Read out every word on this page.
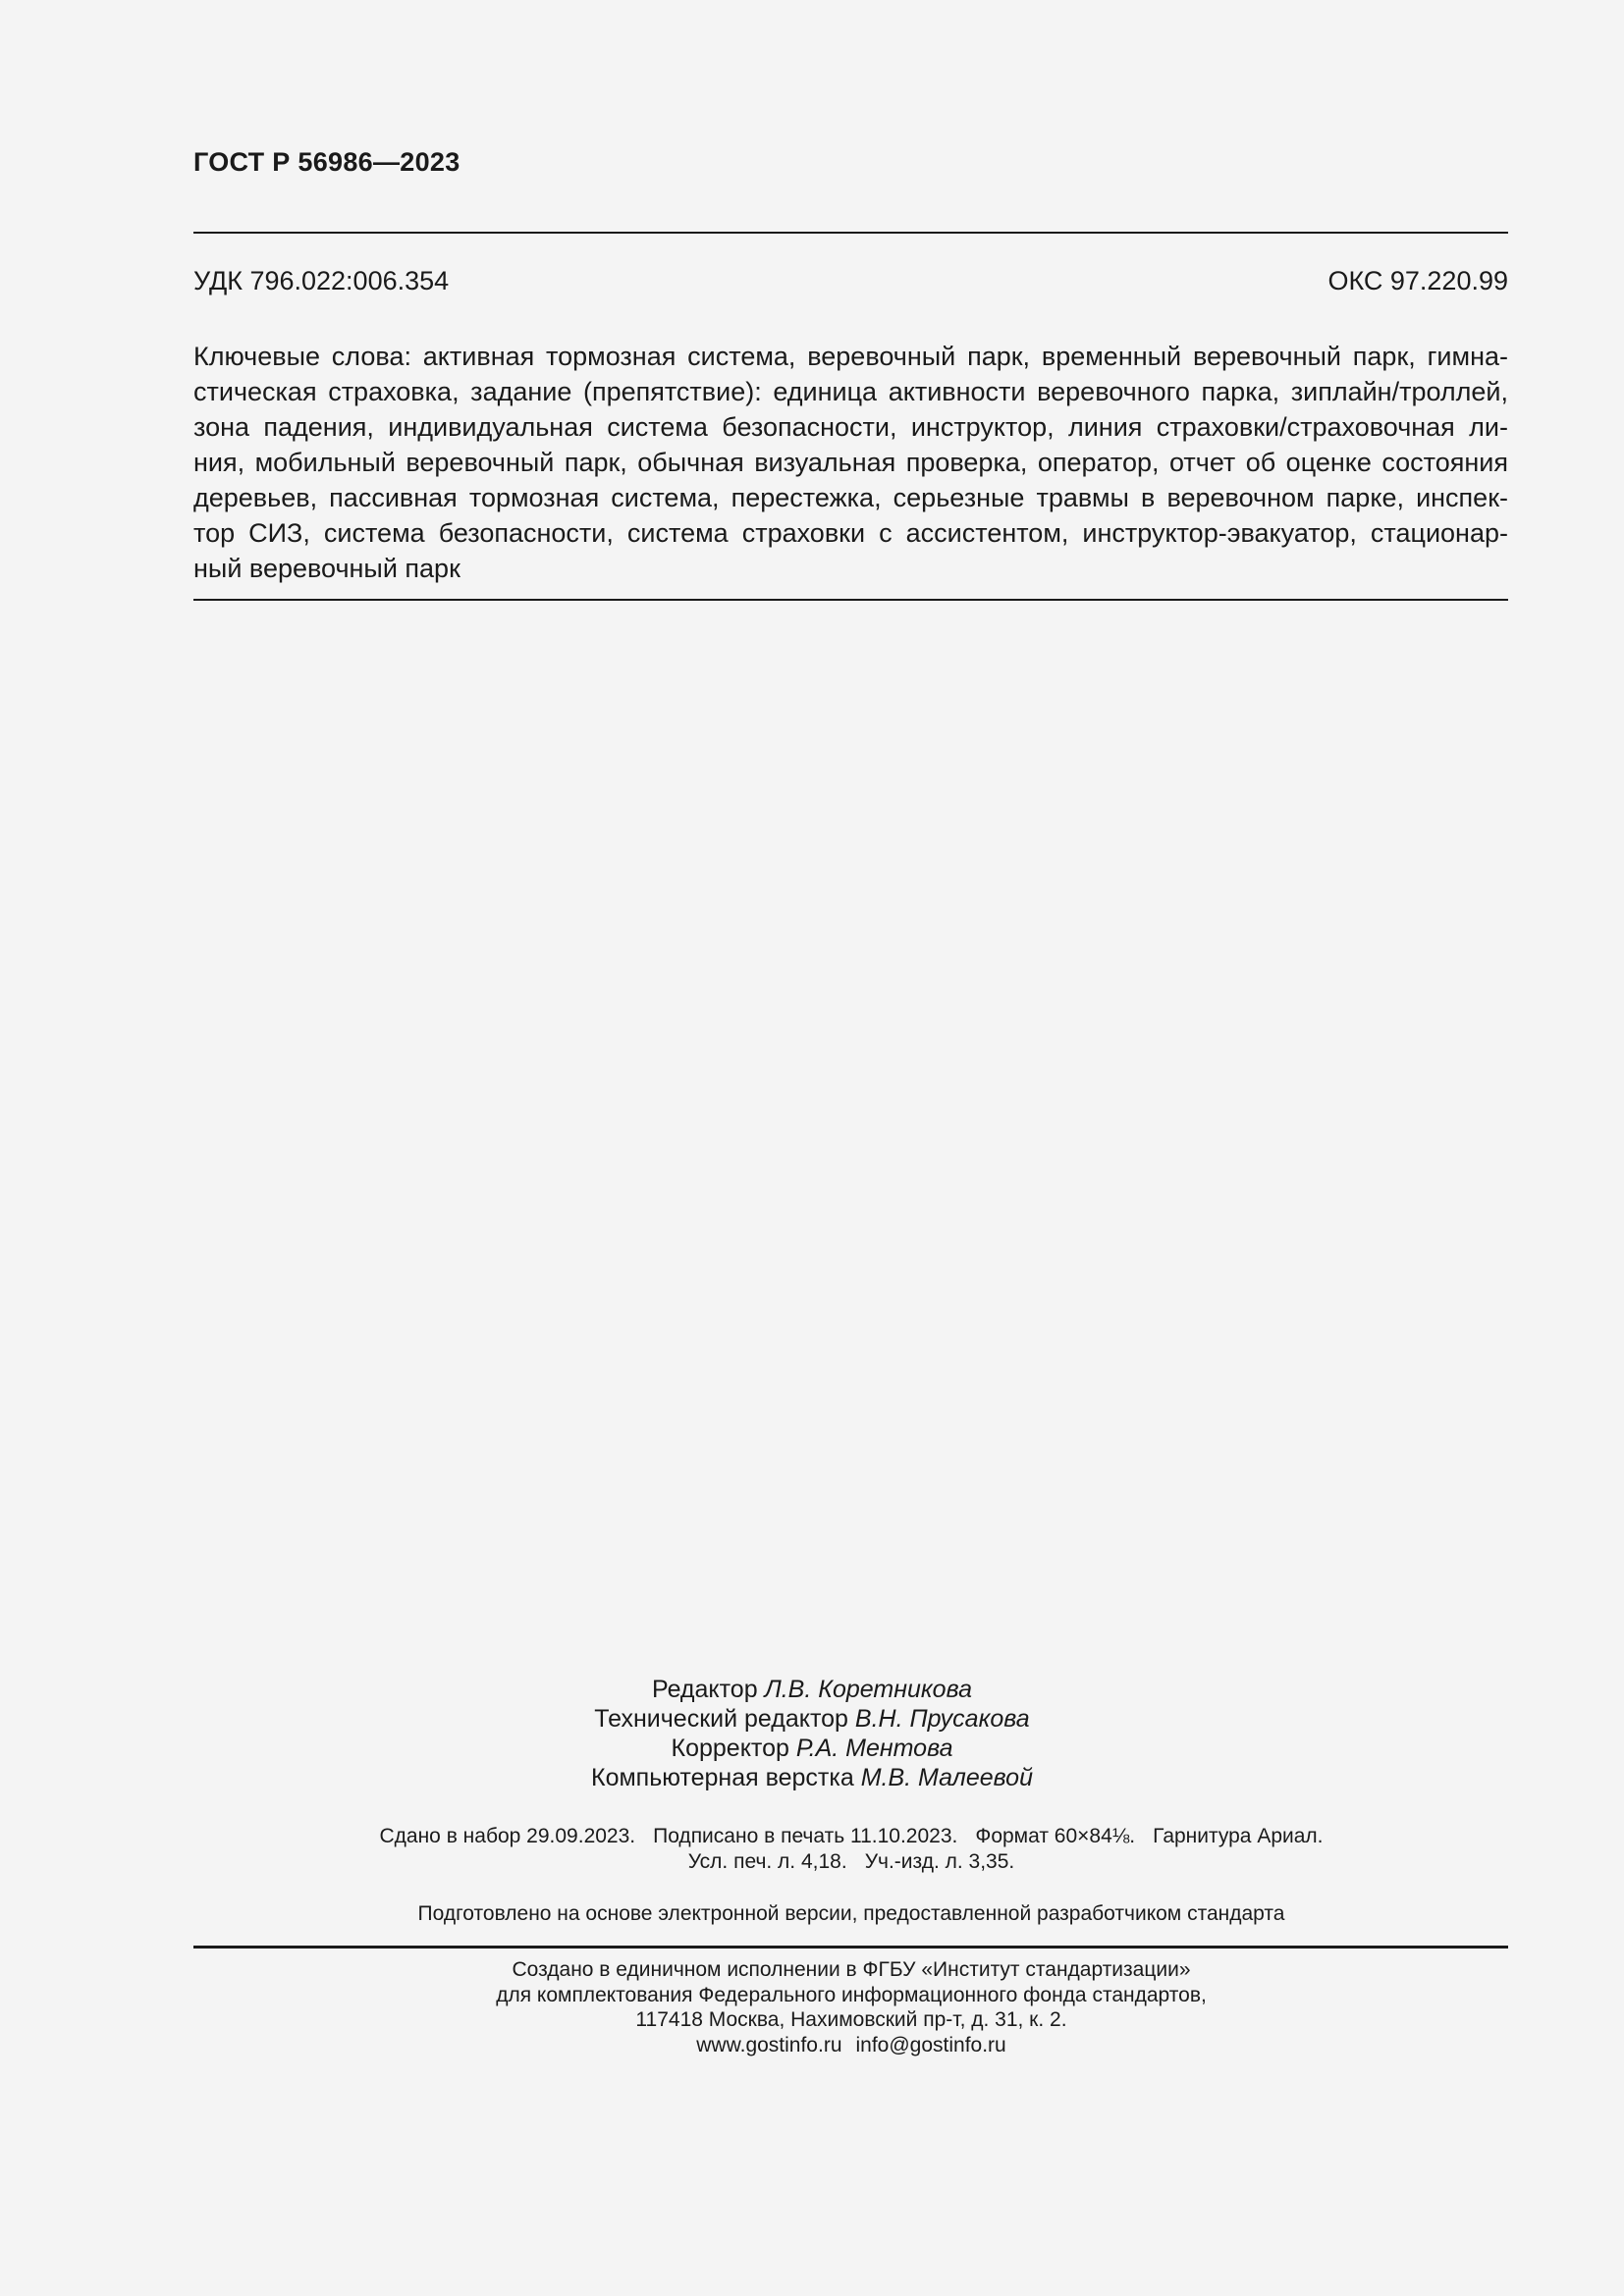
ГОСТ Р 56986—2023
УДК 796.022:006.354	ОКС 97.220.99
Ключевые слова: активная тормозная система, веревочный парк, временный веревочный парк, гимна-
стическая страховка, задание (препятствие): единица активности веревочного парка, зиплайн/троллей,
зона падения, индивидуальная система безопасности, инструктор, линия страховки/страховочная ли-
ния, мобильный веревочный парк, обычная визуальная проверка, оператор, отчет об оценке состояния
деревьев, пассивная тормозная система, перестежка, серьезные травмы в веревочном парке, инспек-
тор СИЗ, система безопасности, система страховки с ассистентом, инструктор-эвакуатор, стационар-
ный веревочный парк
Редактор Л.В. Коретникова
Технический редактор В.Н. Прусакова
Корректор Р.А. Ментова
Компьютерная верстка М.В. Малеевой
Сдано в набор 29.09.2023. Подписано в печать 11.10.2023. Формат 60×84⅛. Гарнитура Ариал.
Усл. печ. л. 4,18. Уч.-изд. л. 3,35.
Подготовлено на основе электронной версии, предоставленной разработчиком стандарта
Создано в единичном исполнении в ФГБУ «Институт стандартизации»
для комплектования Федерального информационного фонда стандартов,
117418 Москва, Нахимовский пр-т, д. 31, к. 2.
www.gostinfo.ru info@gostinfo.ru
